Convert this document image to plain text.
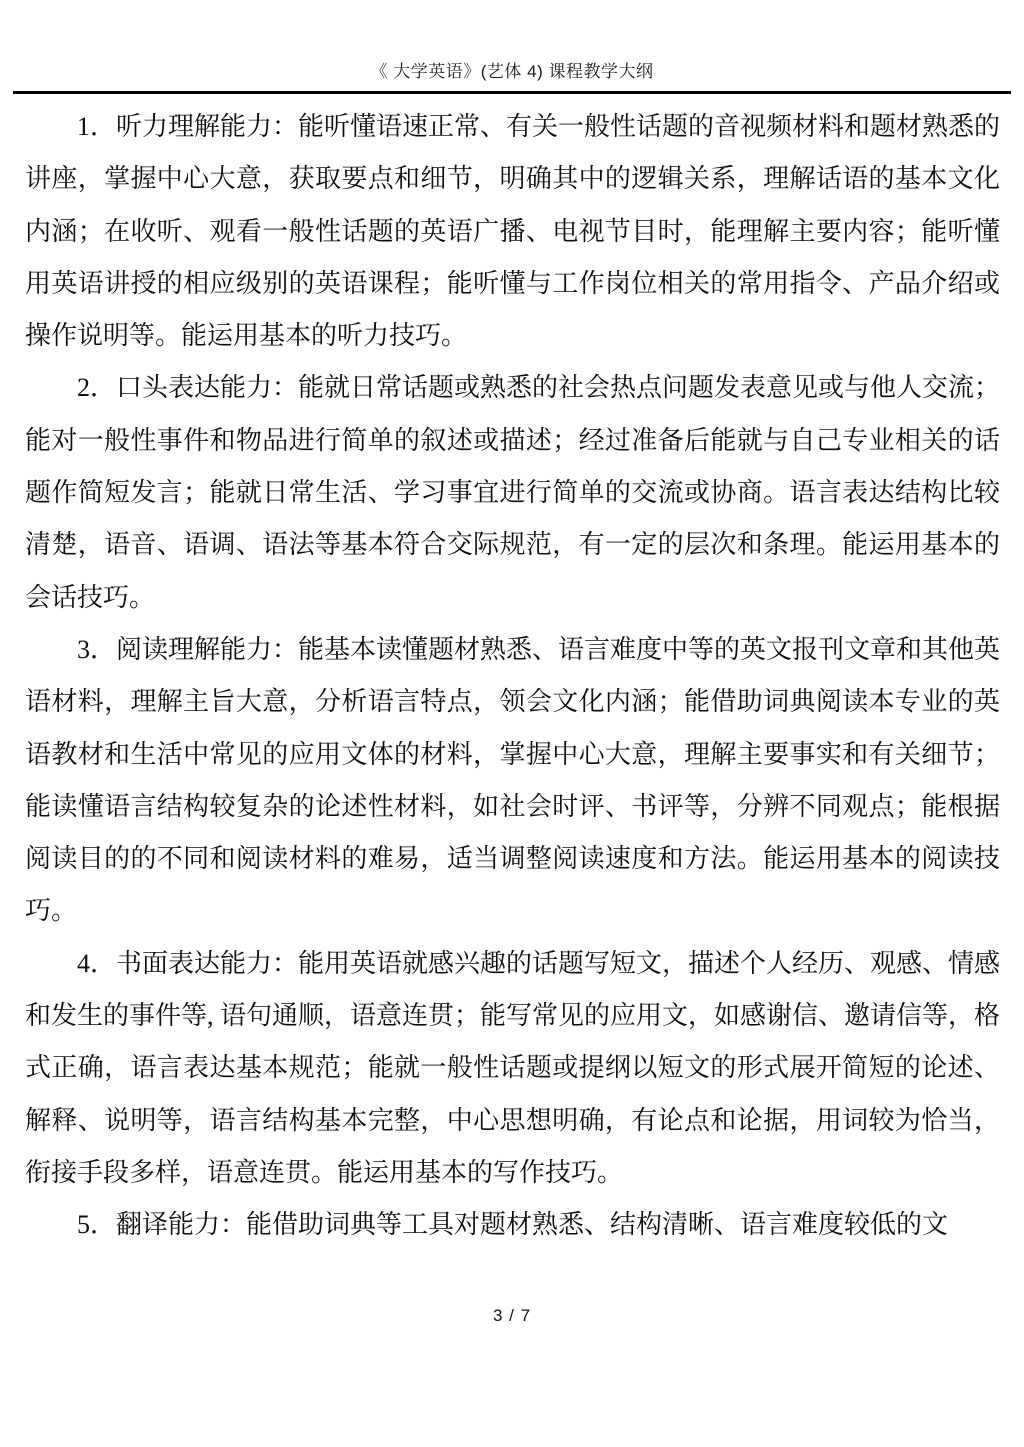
《 大学英语》(艺体 4) 课程教学大纲

1．听力理解能力：能听懂语速正常、有关一般性话题的音视频材料和题材熟悉的讲座，掌握中心大意，获取要点和细节，明确其中的逻辑关系，理解话语的基本文化内涵；在收听、观看一般性话题的英语广播、电视节目时，能理解主要内容；能听懂用英语讲授的相应级别的英语课程；能听懂与工作岗位相关的常用指令、产品介绍或操作说明等。能运用基本的听力技巧。

2．口头表达能力：能就日常话题或熟悉的社会热点问题发表意见或与他人交流；能对一般性事件和物品进行简单的叙述或描述；经过准备后能就与自己专业相关的话题作简短发言；能就日常生活、学习事宜进行简单的交流或协商。语言表达结构比较清楚，语音、语调、语法等基本符合交际规范，有一定的层次和条理。能运用基本的会话技巧。

3．阅读理解能力：能基本读懂题材熟悉、语言难度中等的英文报刊文章和其他英语材料，理解主旨大意，分析语言特点，领会文化内涵；能借助词典阅读本专业的英语教材和生活中常见的应用文体的材料，掌握中心大意，理解主要事实和有关细节；能读懂语言结构较复杂的论述性材料，如社会时评、书评等，分辨不同观点；能根据阅读目的的不同和阅读材料的难易，适当调整阅读速度和方法。能运用基本的阅读技巧。

4．书面表达能力：能用英语就感兴趣的话题写短文，描述个人经历、观感、情感和发生的事件等, 语句通顺，语意连贯；能写常见的应用文，如感谢信、邀请信等，格式正确，语言表达基本规范；能就一般性话题或提纲以短文的形式展开简短的论述、解释、说明等，语言结构基本完整，中心思想明确，有论点和论据，用词较为恰当，衔接手段多样，语意连贯。能运用基本的写作技巧。

5．翻译能力：能借助词典等工具对题材熟悉、结构清晰、语言难度较低的文

3 / 7
